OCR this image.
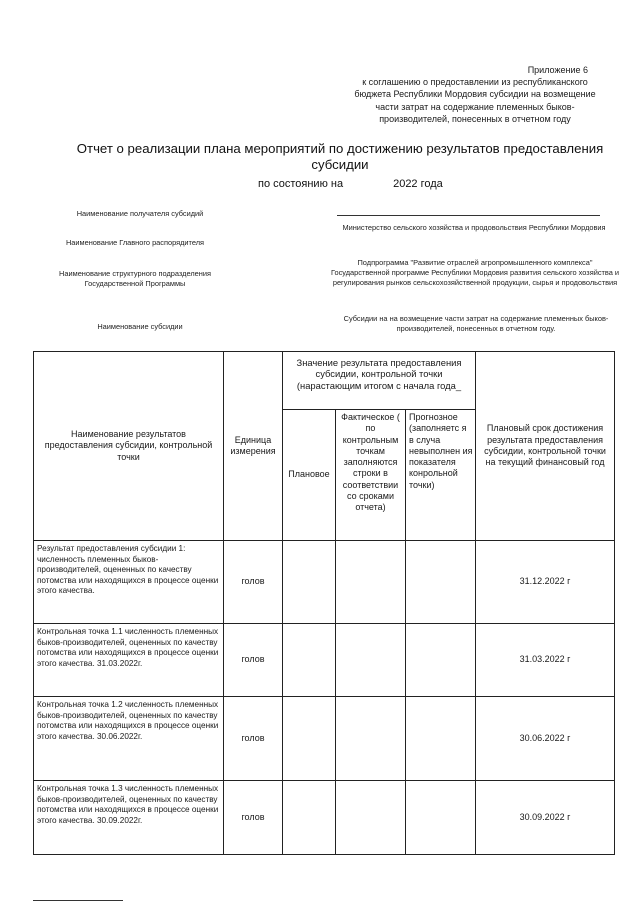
Приложение 6
к соглашению о предоставлении из республиканского
бюджета Республики Мордовия субсидии на возмещение
части затрат на содержание племенных быков-
производителей, понесенных в отчетном году
Отчет о реализации плана мероприятий по достижению результатов предоставления субсидии
по состоянию на	2022 года
Наименование получателя субсидий
Наименование Главного распорядителя
Министерство сельского хозяйства и продовольствия Республики Мордовия
Наименование структурного подразделения Государственной Программы
Подпрограмма "Развитие отраслей агропромышленного комплекса" Государственной программе Республики Мордовия развития сельского хозяйства и регулирования рынков сельскохозяйственной продукции, сырья и продовольствия
Наименование субсидии
Субсидии на на возмещение части затрат на содержание племенных быков-производителей, понесенных в отчетном году.
Наименование результатов предоставления субсидии, контрольной точки	Единица измерения	Значение результата предоставления субсидии, контрольной точки (нарастающим итогом с начала года_			Плановый срок достижения результата предоставления субсидии, контрольной точки на текущий финансовый год
		Плановое	Фактическое ( по контрольным точкам заполняются строки в соответствии со сроками отчета)	Прогнозное (заполняетс я в случа невыполнен ия показателя конрольной точки)	
Результат предоставления субсидии 1: численность племенных быков-производителей, оцененных по качеству потомства или находящихся в процессе оценки этого качества.	голов				31.12.2022 г
Контрольная точка 1.1 численность племенных быков-производителей, оцененных по качеству потомства или находящихся в процессе оценки этого качества. 31.03.2022г.	голов				31.03.2022 г
Контрольная точка 1.2 численность племенных быков-производителей, оцененных по качеству потомства или находящихся в процессе оценки этого качества. 30.06.2022г.	голов				30.06.2022 г
Контрольная точка 1.3 численность племенных быков-производителей, оцененных по качеству потомства или находящихся в процессе оценки этого качества. 30.09.2022г.	голов				30.09.2022 г
